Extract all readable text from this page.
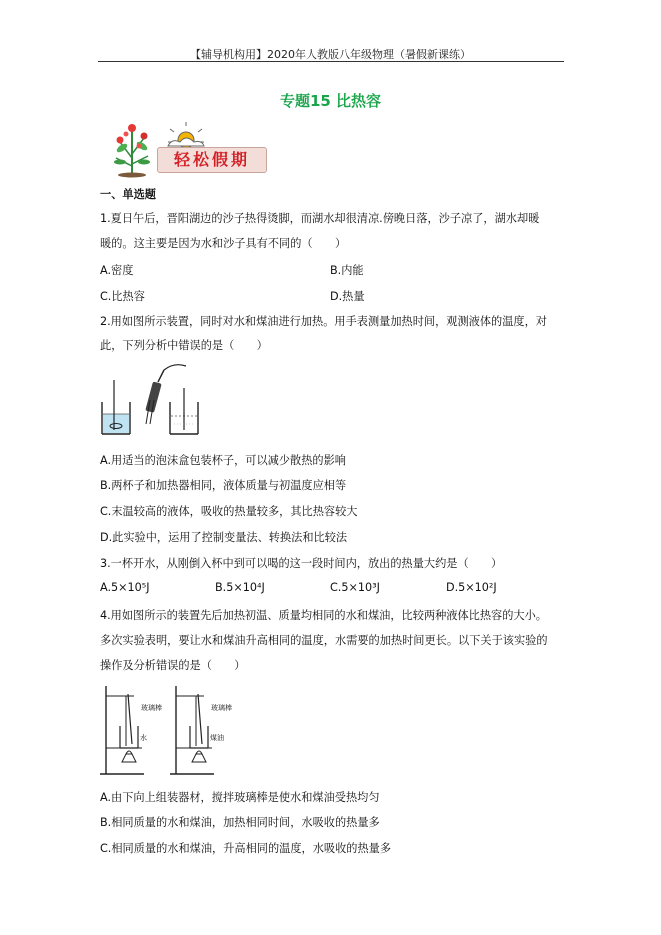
【辅导机构用】2020年人教版八年级物理（暑假新课练）
专题15 比热容
轻松假期
一、单选题
1.夏日午后，晋阳湖边的沙子热得烫脚，而湖水却很清凉.傍晚日落，沙子凉了，湖水却暖
暖的。这主要是因为水和沙子具有不同的（　　）
A.密度	B.内能
C.比热容	D.热量
2.用如图所示装置，同时对水和煤油进行加热。用手表测量加热时间，观测液体的温度，对
此，下列分析中错误的是（　　）
A.用适当的泡沫盒包装杯子，可以减少散热的影响
B.两杯子和加热器相同，液体质量与初温度应相等
C.末温较高的液体，吸收的热量较多，其比热容较大
D.此实验中，运用了控制变量法、转换法和比较法
3.一杯开水，从刚倒入杯中到可以喝的这一段时间内，放出的热量大约是（　　）
A.5×10⁵J	B.5×10⁴J	C.5×10³J	D.5×10²J
4.用如图所示的装置先后加热初温、质量均相同的水和煤油，比较两种液体比热容的大小。
多次实验表明，要让水和煤油升高相同的温度，水需要的加热时间更长。以下关于该实验的
操作及分析错误的是（　　）
玻璃棒
水
玻璃棒
煤油
A.由下向上组装器材，搅拌玻璃棒是使水和煤油受热均匀
B.相同质量的水和煤油，加热相同时间，水吸收的热量多
C.相同质量的水和煤油，升高相同的温度，水吸收的热量多
